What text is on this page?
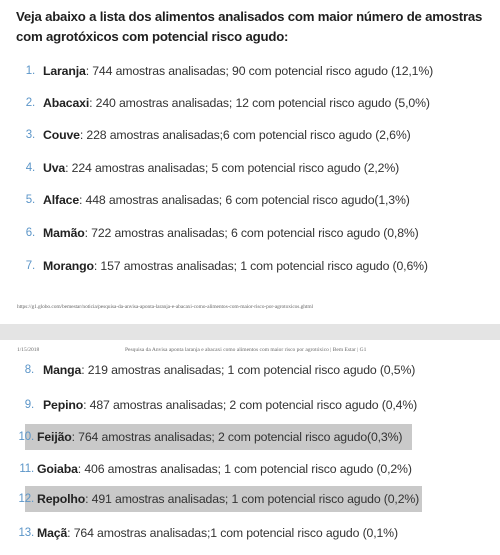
Veja abaixo a lista dos alimentos analisados com maior número de amostras com agrotóxicos com potencial risco agudo:
1. Laranja: 744 amostras analisadas; 90 com potencial risco agudo (12,1%)
2. Abacaxi: 240 amostras analisadas; 12 com potencial risco agudo (5,0%)
3. Couve: 228 amostras analisadas;6 com potencial risco agudo (2,6%)
4. Uva: 224 amostras analisadas; 5 com potencial risco agudo (2,2%)
5. Alface: 448 amostras analisadas; 6 com potencial risco agudo(1,3%)
6. Mamão: 722 amostras analisadas; 6 com potencial risco agudo (0,8%)
7. Morango: 157 amostras analisadas; 1 com potencial risco agudo (0,6%)
https://g1.globo.com/bemestar/noticia/pesquisa-da-anvisa-aponta-laranja-e-abacaxi-como-alimentos-com-maior-risco-por-agrotoxicos.ghtml
1/15/2018	Pesquisa da Anvisa aponta laranja e abacaxi como alimentos com maior risco por agrotóxico | Bem Estar | G1
8. Manga: 219 amostras analisadas; 1 com potencial risco agudo (0,5%)
9. Pepino: 487 amostras analisadas; 2 com potencial risco agudo (0,4%)
10. Feijão: 764 amostras analisadas; 2 com potencial risco agudo(0,3%)
11. Goiaba: 406 amostras analisadas; 1 com potencial risco agudo (0,2%)
12. Repolho: 491 amostras analisadas; 1 com potencial risco agudo (0,2%)
13. Maçã: 764 amostras analisadas;1 com potencial risco agudo (0,1%)
